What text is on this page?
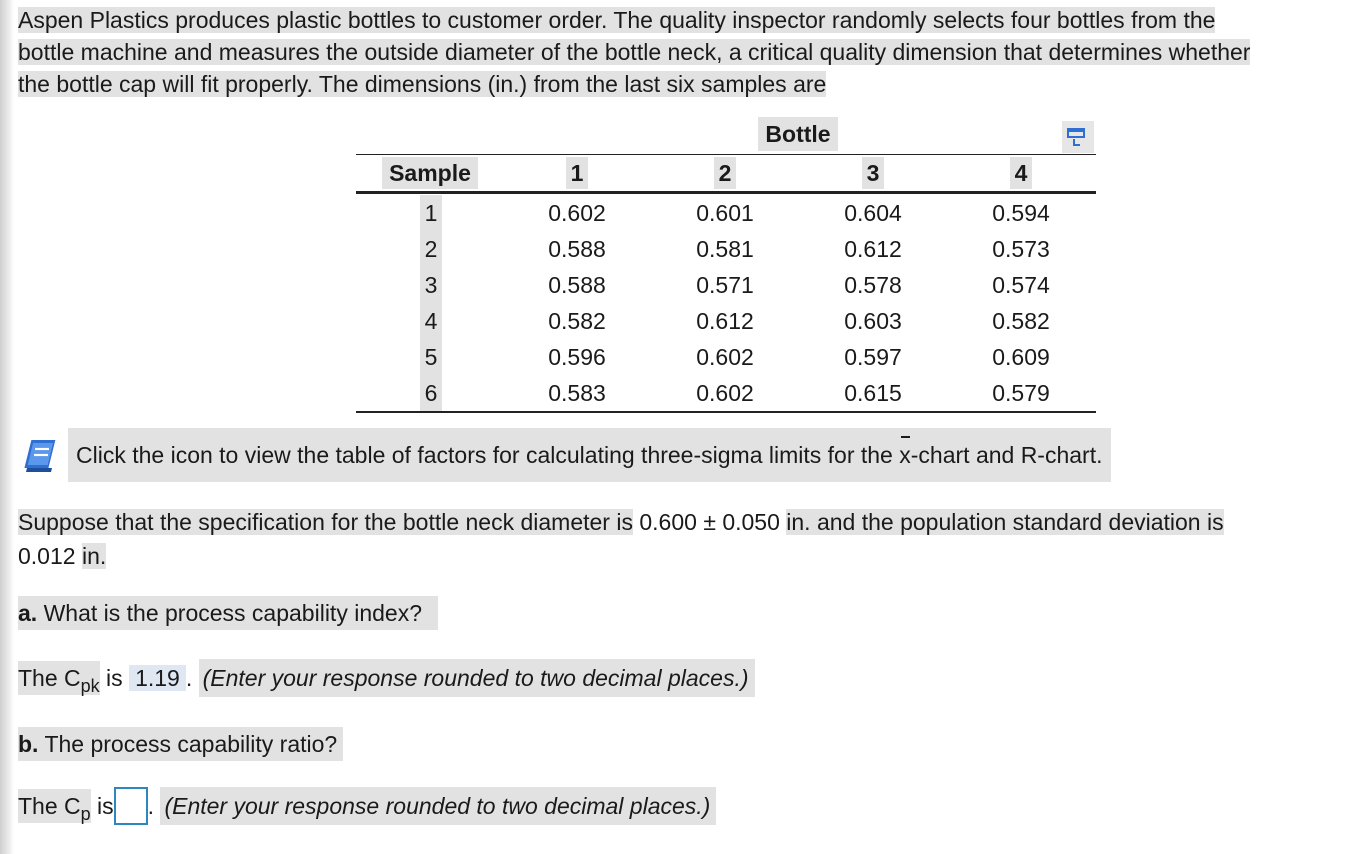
Aspen Plastics produces plastic bottles to customer order. The quality inspector randomly selects four bottles from the
bottle machine and measures the outside diameter of the bottle neck, a critical quality dimension that determines whether
the bottle cap will fit properly. The dimensions (in.) from the last six samples are
Bottle
Sample	1	2	3	4
1	0.602	0.601	0.604	0.594
2	0.588	0.581	0.612	0.573
3	0.588	0.571	0.578	0.574
4	0.582	0.612	0.603	0.582
5	0.596	0.602	0.597	0.609
6	0.583	0.602	0.615	0.579
Click the icon to view the table of factors for calculating three-sigma limits for the x-chart and R-chart.
Suppose that the specification for the bottle neck diameter is 0.600 ± 0.050 in. and the population standard deviation is
0.012 in.
a. What is the process capability index?
The $C_{pk}$ is 1.19 . (Enter your response rounded to two decimal places.)
b. The process capability ratio?
The $C_p$ is . (Enter your response rounded to two decimal places.)
